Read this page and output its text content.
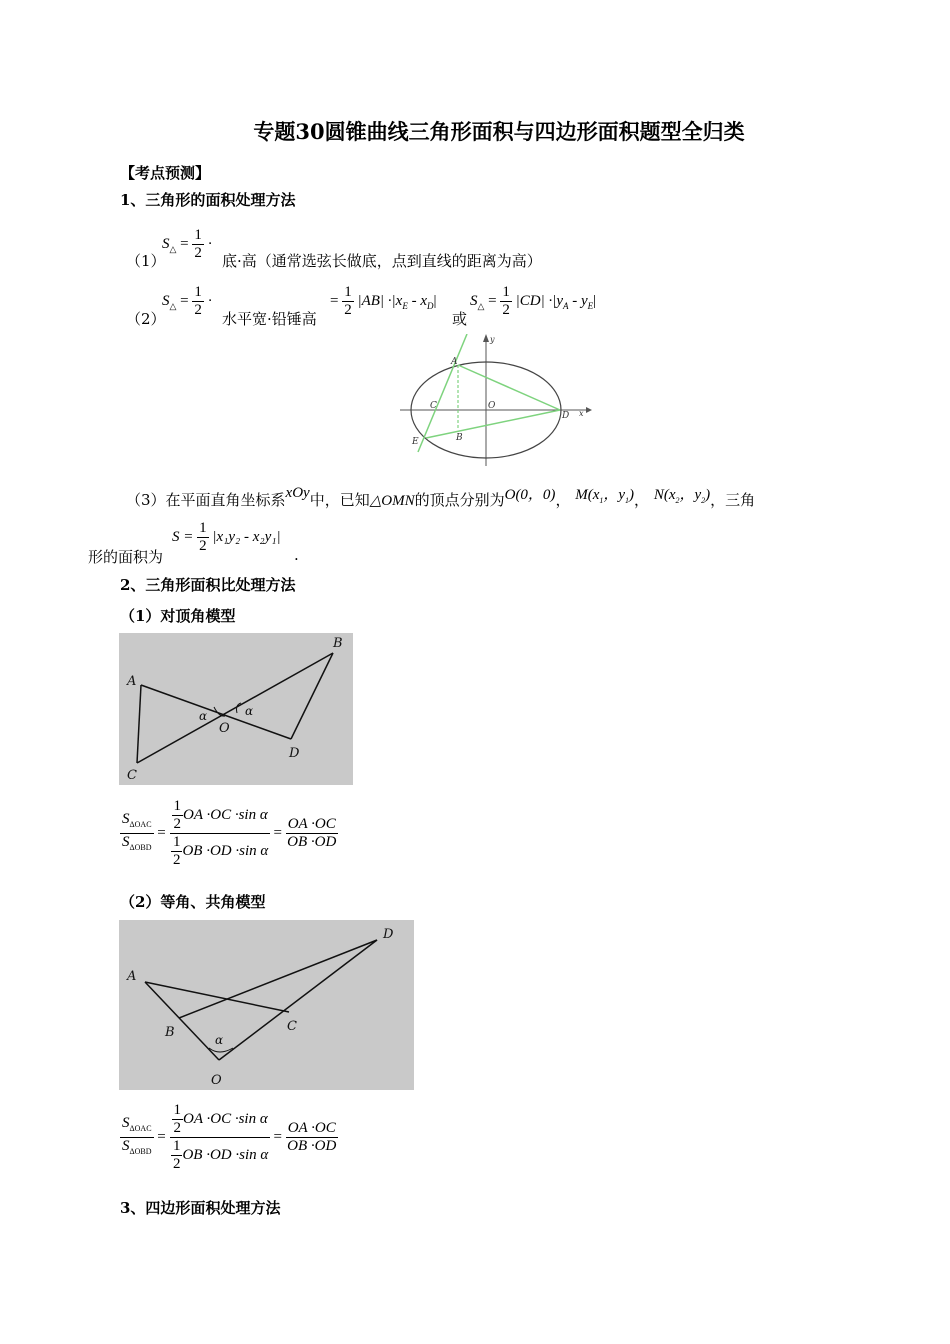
专题30圆锥曲线三角形面积与四边形面积题型全归类
【考点预测】
1、三角形的面积处理方法
（1）
$S_\triangle = \frac{1}{2}$ ·
底·高（通常选弦长做底，点到直线的距离为高）
（2）
$S_\triangle = \frac{1}{2}$ ·
水平宽·铅锤高
= $\frac{1}{2} |AB| \cdot|x_E - x_D|$
或
$S_\triangle = \frac{1}{2} |CD| \cdot|y_A - y_E|$
A
C	O
D
E	B
x
y
（3）在平面直角坐标系xOy中，已知△OMN的顶点分别为O(0，0)， $M(x_1$，$y_1$)， $N(x_2$，$y_2$)，三角
形的面积为
$S = \frac{1}{2} |x_1y_2 - x_2y_1|$
.
2、三角形面积比处理方法
（1）对顶角模型
A
B
C
D
O
α	α
$\frac{S_{\Delta OAC}}{S_{\Delta OBD}} = \frac{\frac{1}{2} OA \cdot OC \cdot\sin \alpha}{\frac{1}{2} OB \cdot OD \cdot\sin \alpha} = \frac{OA \cdot OC}{OB \cdot OD}$
（2）等角、共角模型
A
B	C
D
O
α
$\frac{S_{\Delta OAC}}{S_{\Delta OBD}} = \frac{\frac{1}{2} OA \cdot OC \cdot\sin \alpha}{\frac{1}{2} OB \cdot OD \cdot\sin \alpha} = \frac{OA \cdot OC}{OB \cdot OD}$
3、四边形面积处理方法
